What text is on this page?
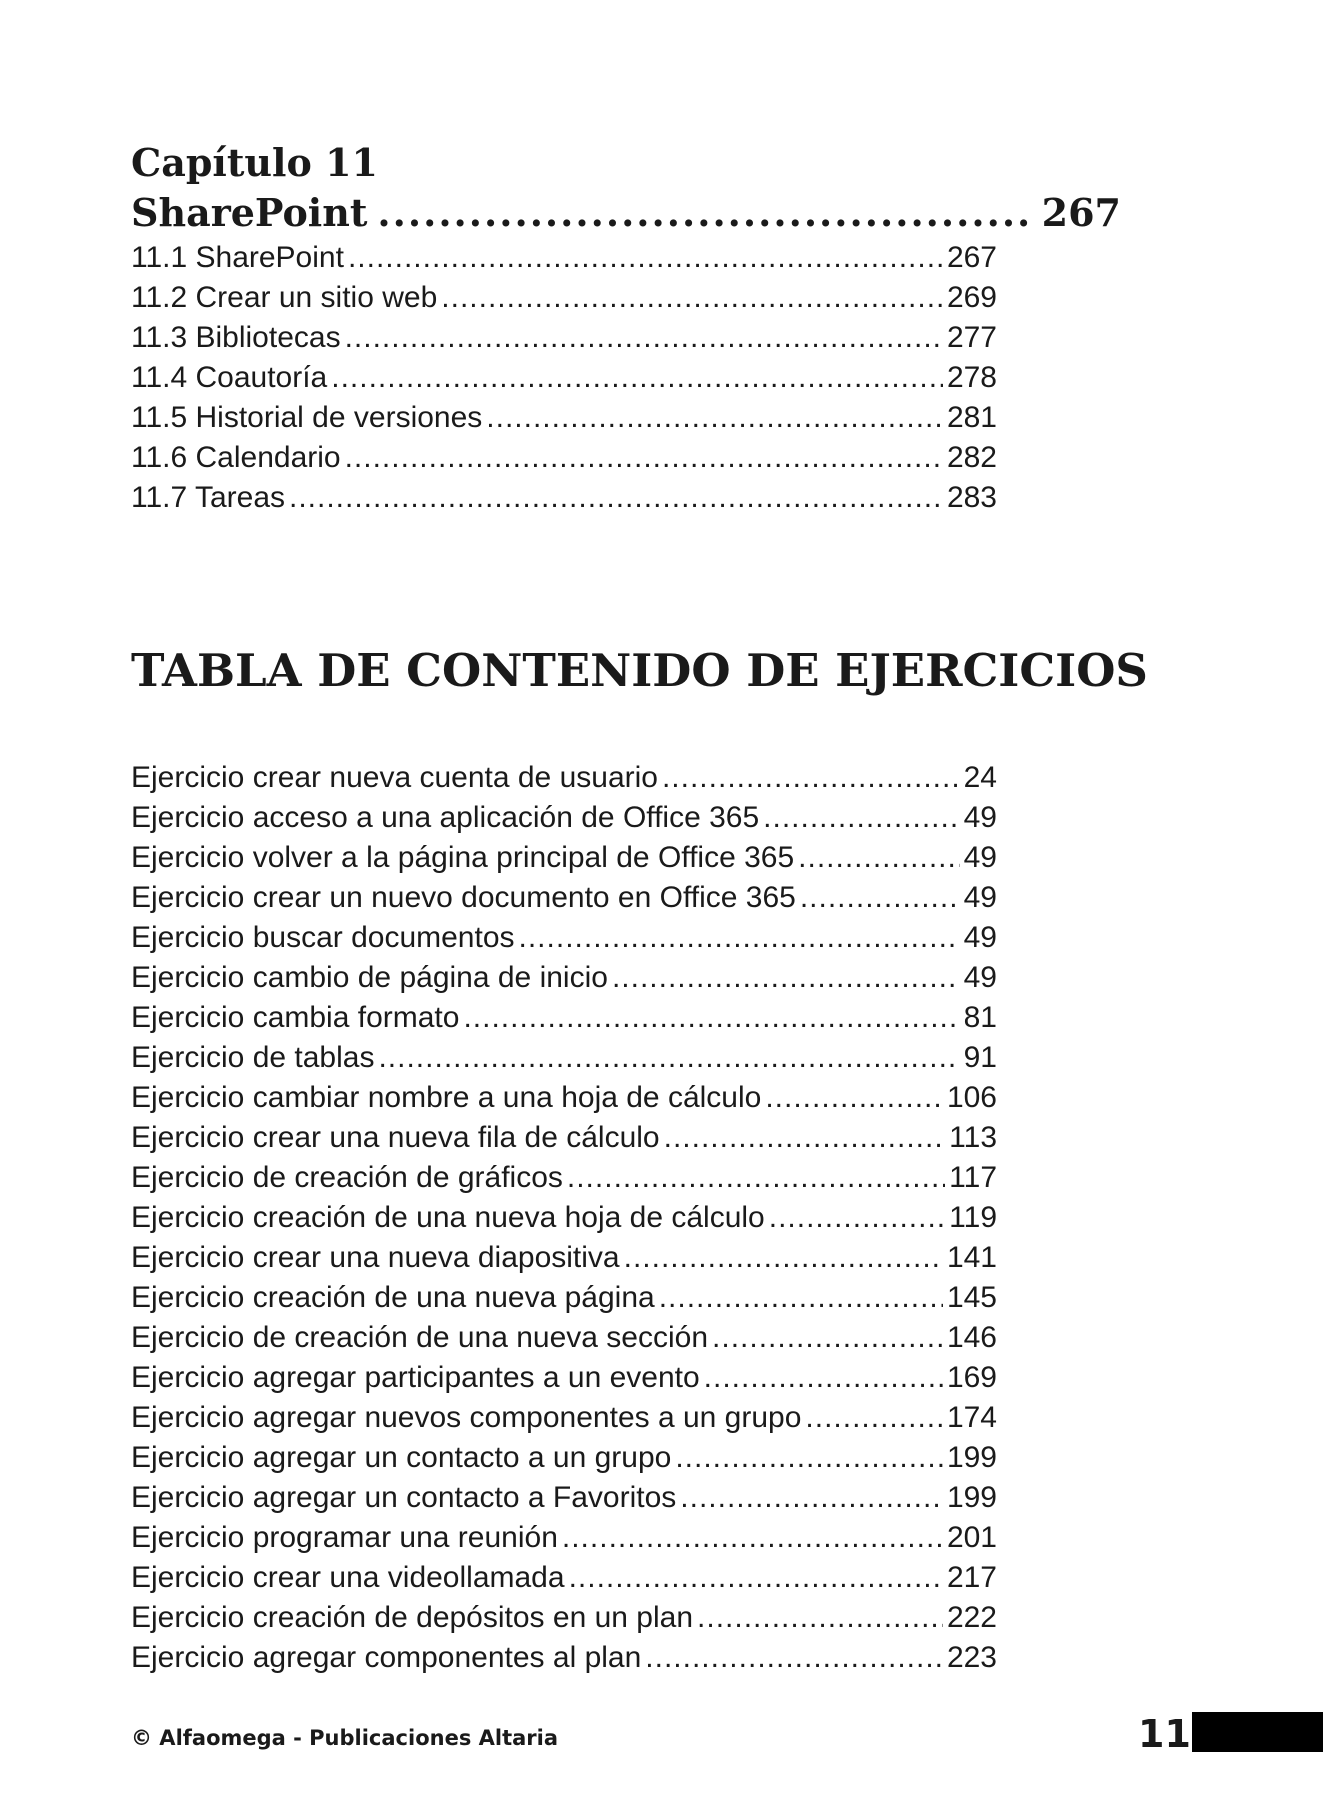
Capítulo 11
SharePoint .....	267
11.1 SharePoint .....	267
11.2 Crear un sitio web .....	269
11.3 Bibliotecas .....	277
11.4 Coautoría .....	278
11.5 Historial de versiones .....	281
11.6 Calendario .....	282
11.7 Tareas .....	283
TABLA DE CONTENIDO DE EJERCICIOS
Ejercicio crear nueva cuenta de usuario .....	24
Ejercicio acceso a una aplicación de Office 365 .....	49
Ejercicio volver a la página principal de Office 365 .....	49
Ejercicio crear un nuevo documento en Office 365 .....	49
Ejercicio buscar documentos .....	49
Ejercicio cambio de página de inicio .....	49
Ejercicio cambia formato .....	81
Ejercicio de tablas .....	91
Ejercicio cambiar nombre a una hoja de cálculo .....	106
Ejercicio crear una nueva fila de cálculo .....	113
Ejercicio de creación de gráficos .....	117
Ejercicio creación de una nueva hoja de cálculo .....	119
Ejercicio crear una nueva diapositiva .....	141
Ejercicio creación de una nueva página .....	145
Ejercicio de creación de una nueva sección .....	146
Ejercicio agregar participantes a un evento .....	169
Ejercicio agregar nuevos componentes a un grupo .....	174
Ejercicio agregar un contacto a un grupo .....	199
Ejercicio agregar un contacto a Favoritos .....	199
Ejercicio programar una reunión .....	201
Ejercicio crear una videollamada .....	217
Ejercicio creación de depósitos en un plan .....	222
Ejercicio agregar componentes al plan .....	223
© Alfaomega - Publicaciones Altaria	11
